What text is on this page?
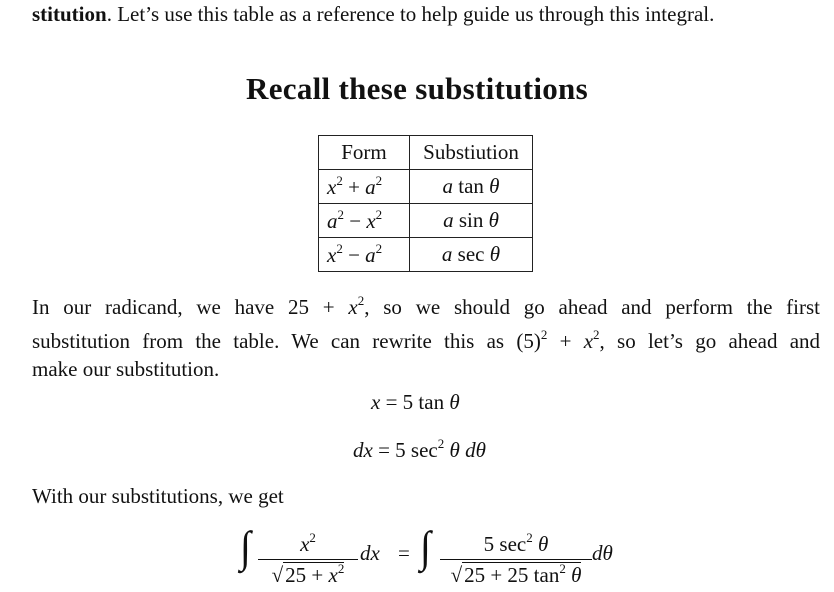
stitution. Let’s use this table as a reference to help guide us through this integral.
Recall these substitutions
Form	Substiution
$x^2 + a^2$	a tan θ
$a^2 - x^2$	a sin θ
$x^2 - a^2$	a sec θ
In our radicand, we have $25 + x^2$, so we should go ahead and perform the first
substitution from the table. We can rewrite this as $(5)^2 + x^2$, so let’s go ahead and
make our substitution.
x = 5 tan θ
dx = 5 $\sec^2 \theta$ dθ
With our substitutions, we get
∫ $\frac{x^2}{√25 + x^2}$ dx = ∫	5 $\sec^2 \theta$
√25 + 25 $\tan^2 \theta$
dθ
